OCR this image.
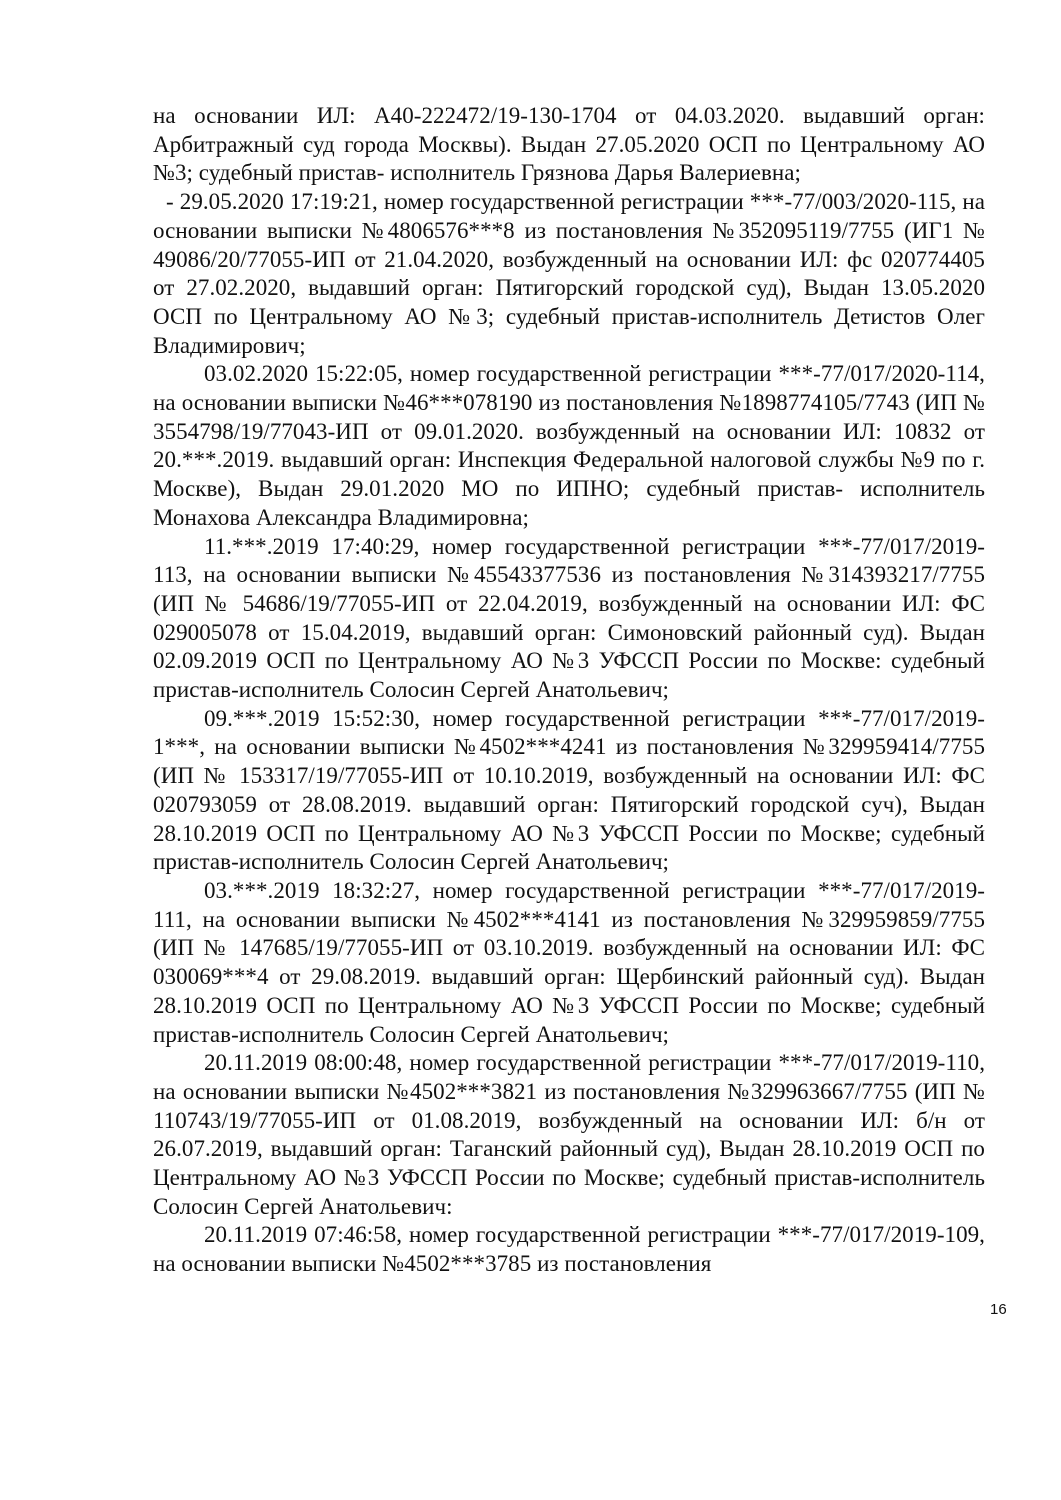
на основании ИЛ: А40-222472/19-130-1704 от 04.03.2020. выдавший орган: Арбитражный суд города Москвы). Выдан 27.05.2020 ОСП по Центральному АО №3; судебный пристав- исполнитель Грязнова Дарья Валериевна;

- 29.05.2020 17:19:21, номер государственной регистрации ***-77/003/2020-115, на основании выписки №4806576***8 из постановления №352095119/7755 (ИГ1 № 49086/20/77055-ИП от 21.04.2020, возбужденный на основании ИЛ: фс 020774405 от 27.02.2020, выдавший орган: Пятигорский городской суд), Выдан 13.05.2020 ОСП по Центральному АО №3; судебный пристав-исполнитель Детистов Олег Владимирович;

03.02.2020 15:22:05, номер государственной регистрации ***-77/017/2020-114, на основании выписки №46***078190 из постановления №1898774105/7743 (ИП № 3554798/19/77043-ИП от 09.01.2020. возбужденный на основании ИЛ: 10832 от 20.***.2019. выдавший орган: Инспекция Федеральной налоговой службы №9 по г. Москве), Выдан 29.01.2020 МО по ИПНО; судебный пристав- исполнитель Монахова Александра Владимировна;

11.***.2019 17:40:29, номер государственной регистрации ***-77/017/2019-113, на основании выписки №45543377536 из постановления №314393217/7755 (ИП № 54686/19/77055-ИП от 22.04.2019, возбужденный на основании ИЛ: ФС 029005078 от 15.04.2019, выдавший орган: Симоновский районный суд). Выдан 02.09.2019 ОСП по Центральному АО №3 УФССП России по Москве: судебный пристав-исполнитель Солосин Сергей Анатольевич;

09.***.2019 15:52:30, номер государственной регистрации ***-77/017/2019-1***, на основании выписки №4502***4241 из постановления №329959414/7755 (ИП № 153317/19/77055-ИП от 10.10.2019, возбужденный на основании ИЛ: ФС 020793059 от 28.08.2019. выдавший орган: Пятигорский городской суч), Выдан 28.10.2019 ОСП по Центральному АО №3 УФССП России по Москве; судебный пристав-исполнитель Солосин Сергей Анатольевич;

03.***.2019 18:32:27, номер государственной регистрации ***-77/017/2019-111, на основании выписки №4502***4141 из постановления №329959859/7755 (ИП № 147685/19/77055-ИП от 03.10.2019. возбужденный на основании ИЛ: ФС 030069***4 от 29.08.2019. выдавший орган: Щербинский районный суд). Выдан 28.10.2019 ОСП по Центральному АО №3 УФССП России по Москве; судебный пристав-исполнитель Солосин Сергей Анатольевич;

20.11.2019 08:00:48, номер государственной регистрации ***-77/017/2019-110, на основании выписки №4502***3821 из постановления №329963667/7755 (ИП № 110743/19/77055-ИП от 01.08.2019, возбужденный на основании ИЛ: б/н от 26.07.2019, выдавший орган: Таганский районный суд), Выдан 28.10.2019 ОСП по Центральному АО №3 УФССП России по Москве; судебный пристав-исполнитель Солосин Сергей Анатольевич:

20.11.2019 07:46:58, номер государственной регистрации ***-77/017/2019-109, на основании выписки №4502***3785 из постановления

16
